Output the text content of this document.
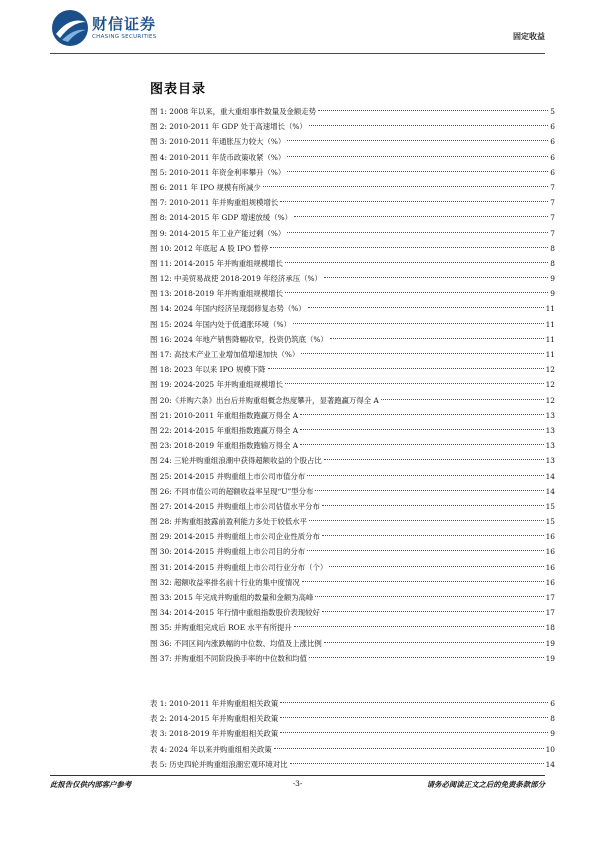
财信证券
CHASING SECURITIES	固定收益
图表目录
图 1: 2008 年以来，重大重组事件数量及金额走势	5
图 2: 2010-2011 年 GDP 处于高速增长（%）	6
图 3: 2010-2011 年通胀压力较大（%）	6
图 4: 2010-2011 年货币政策收紧（%）	6
图 5: 2010-2011 年资金利率攀升（%）	6
图 6: 2011 年 IPO 规模有所减少	7
图 7: 2010-2011 年并购重组规模增长	7
图 8: 2014-2015 年 GDP 增速放缓（%）	7
图 9: 2014-2015 年工业产能过剩（%）	7
图 10: 2012 年底起 A 股 IPO 暂停	8
图 11: 2014-2015 年并购重组规模增长	8
图 12: 中美贸易战使 2018-2019 年经济承压（%）	9
图 13: 2018-2019 年并购重组规模增长	9
图 14: 2024 年国内经济呈现弱修复态势（%）	11
图 15: 2024 年国内处于低通胀环境（%）	11
图 16: 2024 年地产销售降幅收窄，投资仍筑底（%）	11
图 17: 高技术产业工业增加值增速加快（%）	11
图 18: 2023 年以来 IPO 规模下降	12
图 19: 2024-2025 年并购重组规模增长	12
图 20:《并购六条》出台后并购重组概念热度攀升，显著跑赢万得全 A	12
图 21: 2010-2011 年重组指数跑赢万得全 A	13
图 22: 2014-2015 年重组指数跑赢万得全 A	13
图 23: 2018-2019 年重组指数跑输万得全 A	13
图 24: 三轮并购重组浪潮中获得超额收益的个股占比	13
图 25: 2014-2015 并购重组上市公司市值分布	14
图 26: 不同市值公司的超额收益率呈现“U”型分布	14
图 27: 2014-2015 并购重组上市公司估值水平分布	15
图 28: 并购重组披露前盈利能力多处于较低水平	15
图 29: 2014-2015 并购重组上市公司企业性质分布	16
图 30: 2014-2015 并购重组上市公司目的分布	16
图 31: 2014-2015 并购重组上市公司行业分布（个）	16
图 32: 超额收益率排名前十行业的集中度情况	16
图 33: 2015 年完成并购重组的数量和金额为高峰	17
图 34: 2014-2015 年行情中重组指数股价表现较好	17
图 35: 并购重组完成后 ROE 水平有所提升	18
图 36: 不同区间内涨跌幅的中位数、均值及上涨比例	19
图 37: 并购重组不同阶段换手率的中位数和均值	19
表 1: 2010-2011 年并购重组相关政策	6
表 2: 2014-2015 年并购重组相关政策	8
表 3: 2018-2019 年并购重组相关政策	9
表 4: 2024 年以来并购重组相关政策	10
表 5: 历史四轮并购重组浪潮宏观环境对比	14
此报告仅供内部客户参考	-3-	请务必阅读正文之后的免责条款部分
